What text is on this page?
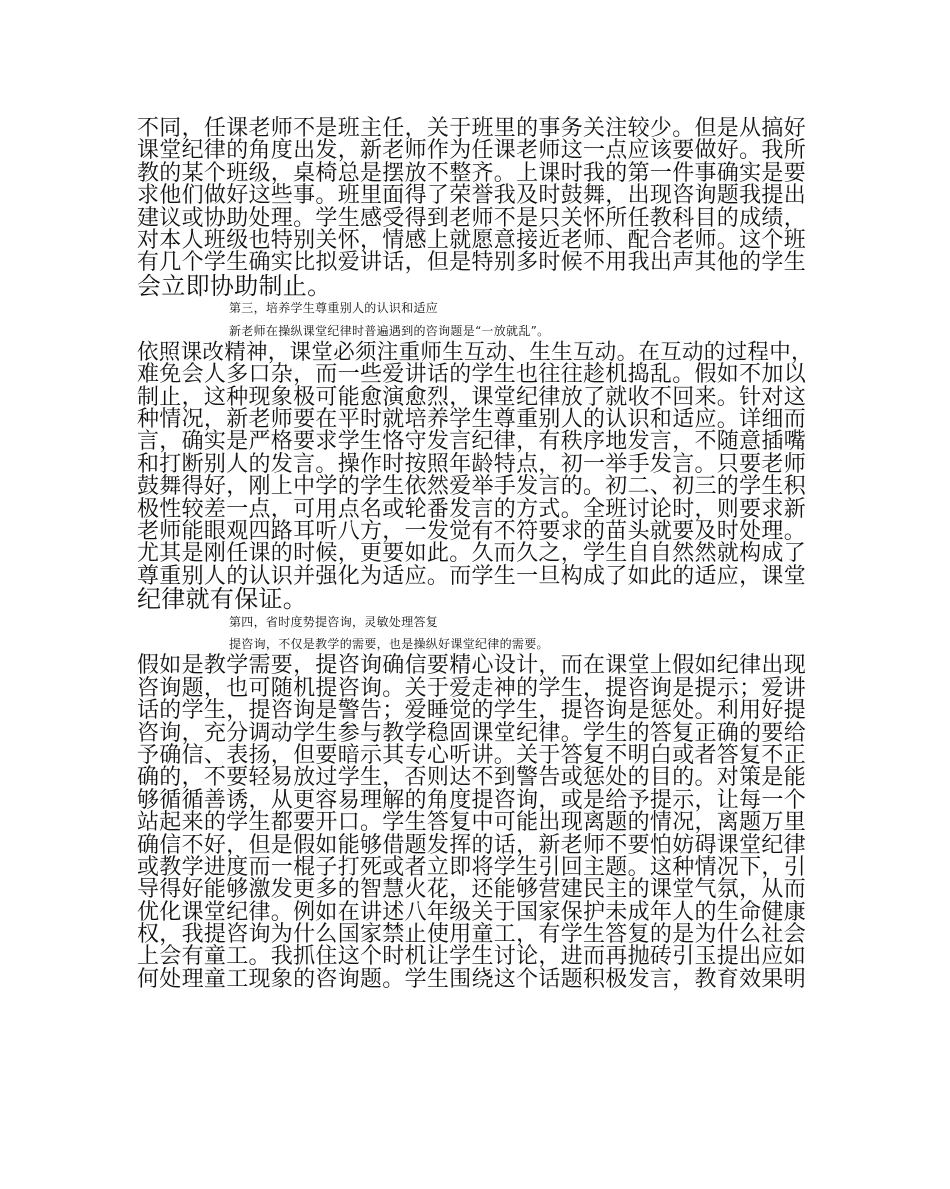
不同，任课老师不是班主任，关于班里的事务关注较少。但是从搞好
课堂纪律的角度出发，新老师作为任课老师这一点应该要做好。我所
教的某个班级，桌椅总是摆放不整齐。上课时我的第一件事确实是要
求他们做好这些事。班里面得了荣誉我及时鼓舞，出现咨询题我提出
建议或协助处理。学生感受得到老师不是只关怀所任教科目的成绩，
对本人班级也特别关怀，情感上就愿意接近老师、配合老师。这个班
有几个学生确实比拟爱讲话，但是特别多时候不用我出声其他的学生
会立即协助制止。
第三，培养学生尊重别人的认识和适应
新老师在操纵课堂纪律时普遍遇到的咨询题是“一放就乱”。
依照课改精神，课堂必须注重师生互动、生生互动。在互动的过程中，
难免会人多口杂，而一些爱讲话的学生也往往趁机捣乱。假如不加以
制止，这种现象极可能愈演愈烈，课堂纪律放了就收不回来。针对这
种情况，新老师要在平时就培养学生尊重别人的认识和适应。详细而
言，确实是严格要求学生恪守发言纪律，有秩序地发言，不随意插嘴
和打断别人的发言。操作时按照年龄特点，初一举手发言。只要老师
鼓舞得好，刚上中学的学生依然爱举手发言的。初二、初三的学生积
极性较差一点，可用点名或轮番发言的方式。全班讨论时，则要求新
老师能眼观四路耳听八方，一发觉有不符要求的苗头就要及时处理。
尤其是刚任课的时候，更要如此。久而久之，学生自自然然就构成了
尊重别人的认识并强化为适应。而学生一旦构成了如此的适应，课堂
纪律就有保证。
第四，省时度势提咨询，灵敏处理答复
提咨询，不仅是教学的需要，也是操纵好课堂纪律的需要。
假如是教学需要，提咨询确信要精心设计，而在课堂上假如纪律出现
咨询题，也可随机提咨询。关于爱走神的学生，提咨询是提示；爱讲
话的学生，提咨询是警告；爱睡觉的学生，提咨询是惩处。利用好提
咨询，充分调动学生参与教学稳固课堂纪律。学生的答复正确的要给
予确信、表扬，但要暗示其专心听讲。关于答复不明白或者答复不正
确的，不要轻易放过学生，否则达不到警告或惩处的目的。对策是能
够循循善诱，从更容易理解的角度提咨询，或是给予提示，让每一个
站起来的学生都要开口。学生答复中可能出现离题的情况，离题万里
确信不好，但是假如能够借题发挥的话，新老师不要怕妨碍课堂纪律
或教学进度而一棍子打死或者立即将学生引回主题。这种情况下，引
导得好能够激发更多的智慧火花，还能够营建民主的课堂气氛，从而
优化课堂纪律。例如在讲述八年级关于国家保护未成年人的生命健康
权，我提咨询为什么国家禁止使用童工，有学生答复的是为什么社会
上会有童工。我抓住这个时机让学生讨论，进而再抛砖引玉提出应如
何处理童工现象的咨询题。学生围绕这个话题积极发言，教育效果明
